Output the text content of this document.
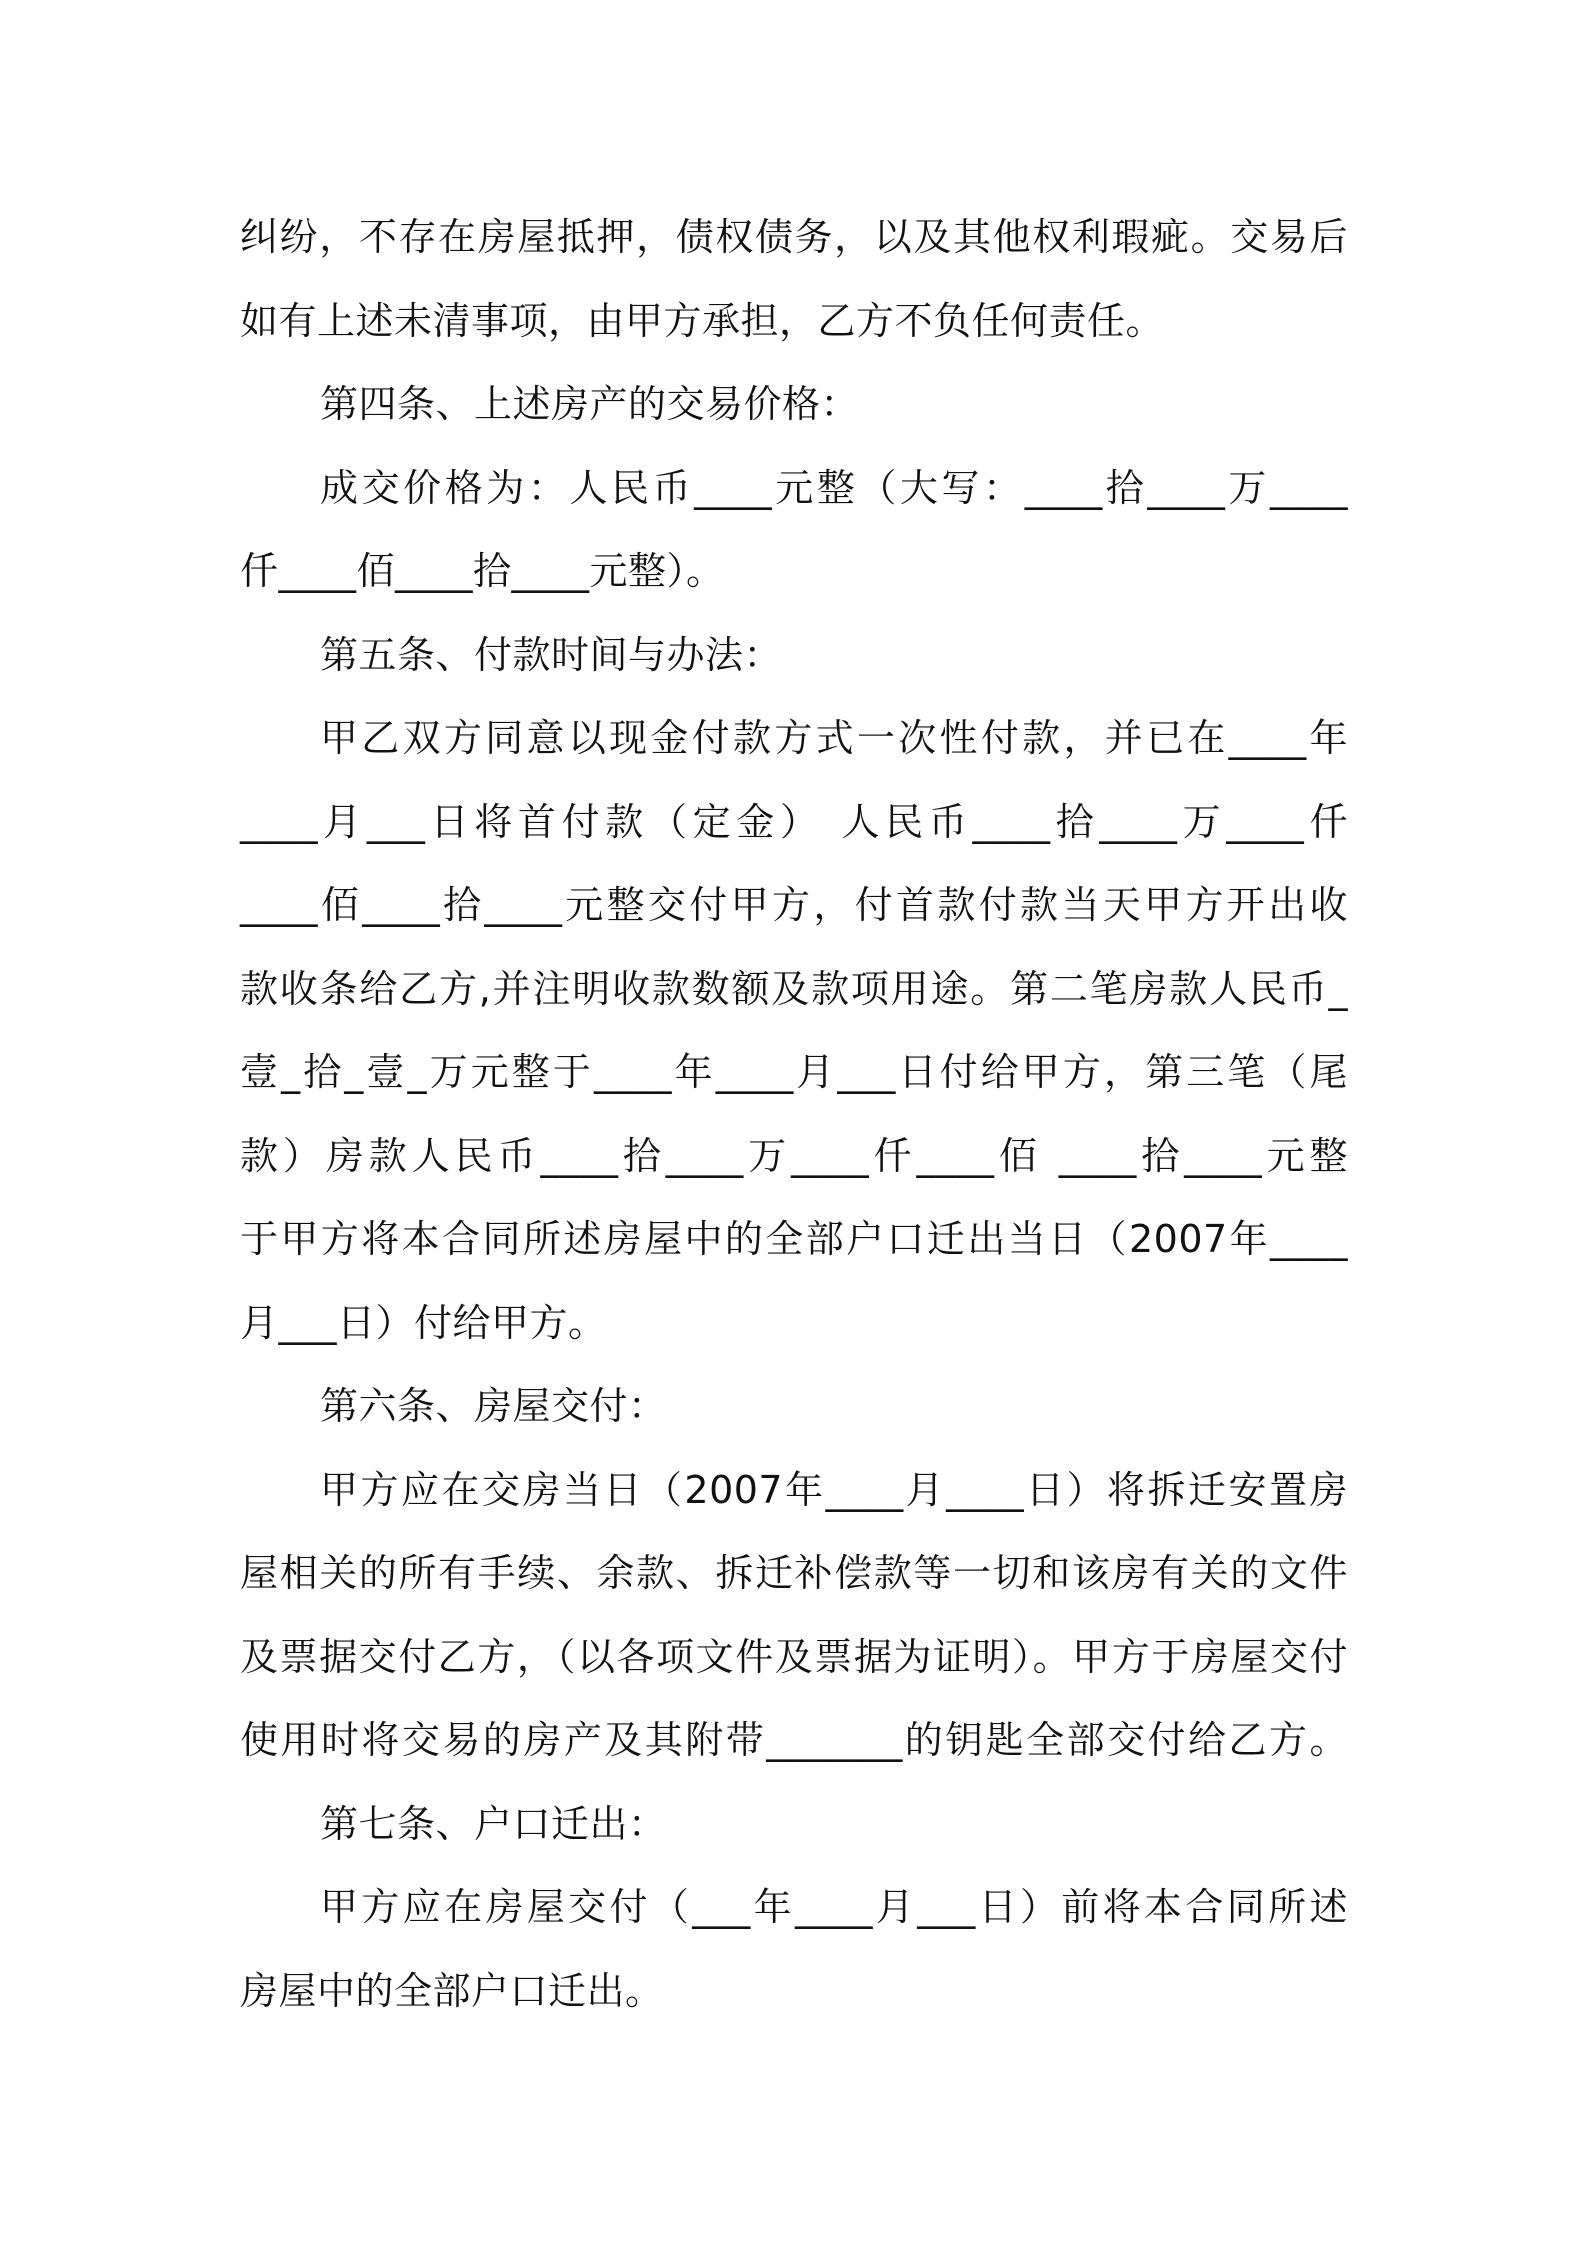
纠纷，不存在房屋抵押，债权债务，以及其他权利瑕疵。交易后
如有上述未清事项，由甲方承担，乙方不负任何责任。
第四条、上述房产的交易价格：
成交价格为：人民币____元整（大写：____拾____万____
仟____佰____拾____元整）。
第五条、付款时间与办法：
甲乙双方同意以现金付款方式一次性付款，并已在____年
____月___日将首付款（定金） 人民币____拾____万____仟
____佰____拾____元整交付甲方，付首款付款当天甲方开出收
款收条给乙方,并注明收款数额及款项用途。第二笔房款人民币_
壹_拾_壹_万元整于____年____月___日付给甲方，第三笔（尾
款）房款人民币____拾____万____仟____佰 ____拾____元整
于甲方将本合同所述房屋中的全部户口迁出当日（2007年____
月___日）付给甲方。
第六条、房屋交付：
甲方应在交房当日（2007年____月____日）将拆迁安置房
屋相关的所有手续、余款、拆迁补偿款等一切和该房有关的文件
及票据交付乙方，（以各项文件及票据为证明）。甲方于房屋交付
使用时将交易的房产及其附带_______的钥匙全部交付给乙方。
第七条、户口迁出：
甲方应在房屋交付（___年____月___日）前将本合同所述
房屋中的全部户口迁出。
